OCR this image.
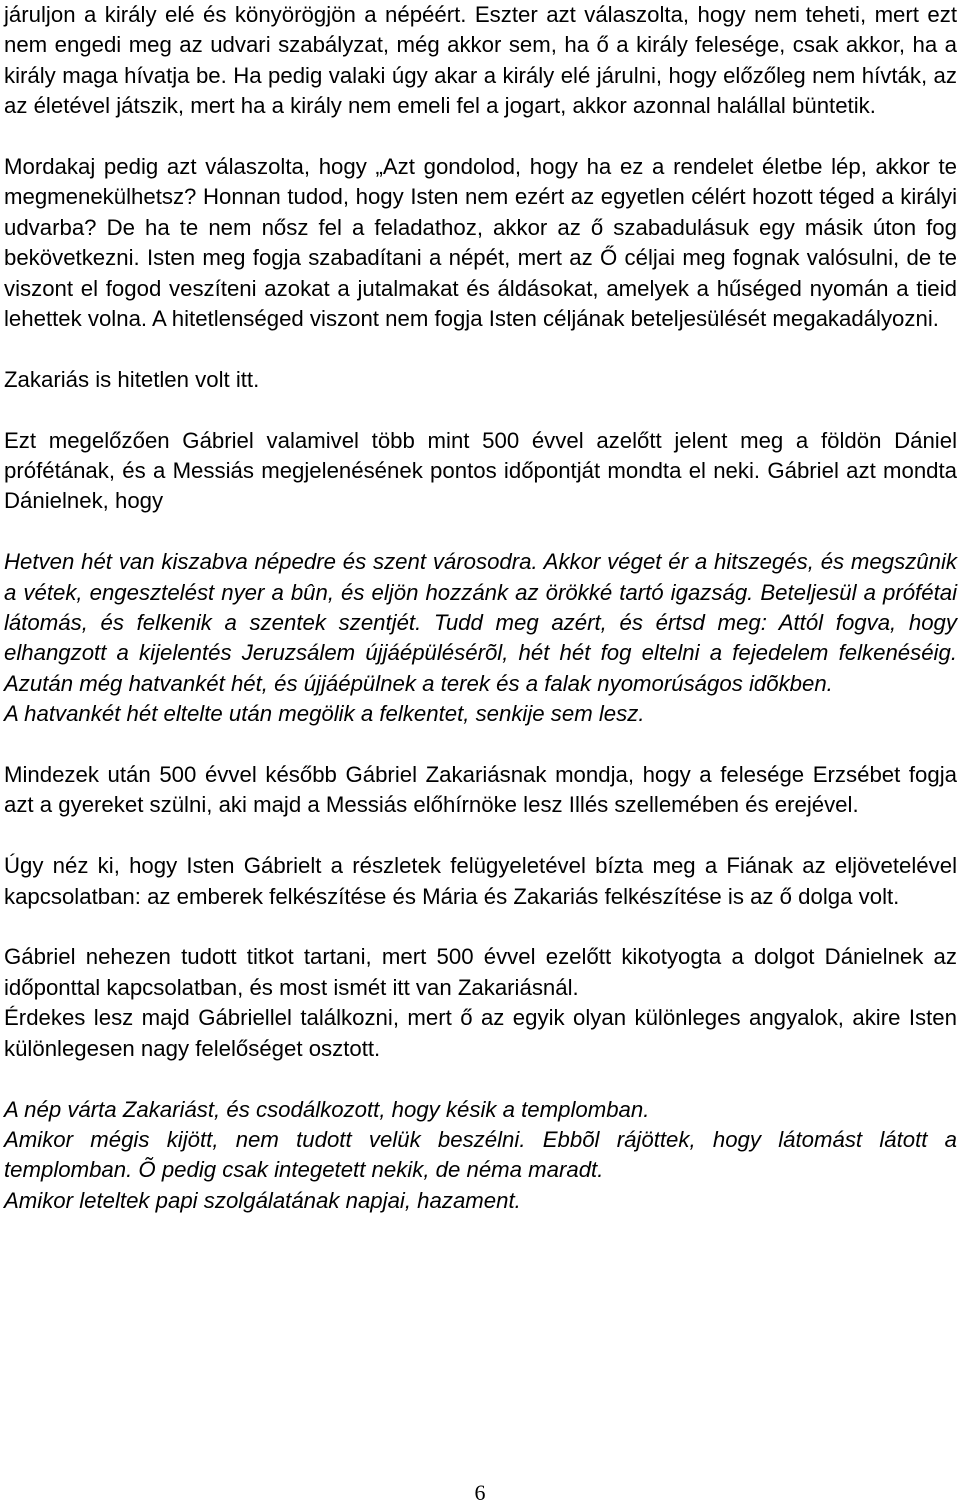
járuljon a király elé és könyörögjön a népéért. Eszter azt válaszolta, hogy nem teheti, mert ezt nem engedi meg az udvari szabályzat, még akkor sem, ha ő a király felesége, csak akkor, ha a király maga hívatja be. Ha pedig valaki úgy akar a király elé járulni, hogy előzőleg nem hívták, az az életével játszik, mert ha a király nem emeli fel a jogart, akkor azonnal halállal büntetik.

Mordakaj pedig azt válaszolta, hogy „Azt gondolod, hogy ha ez a rendelet életbe lép, akkor te megmenekülhetsz? Honnan tudod, hogy Isten nem ezért az egyetlen célért hozott téged a királyi udvarba? De ha te nem nősz fel a feladathoz, akkor az ő szabadulásuk egy másik úton fog bekövetkezni. Isten meg fogja szabadítani a népét, mert az Ő céljai meg fognak valósulni, de te viszont el fogod veszíteni azokat a jutalmakat és áldásokat, amelyek a hűséged nyomán a tieid lehettek volna. A hitetlenséged viszont nem fogja Isten céljának beteljesülését megakadályozni.

Zakariás is hitetlen volt itt.

Ezt megelőzően Gábriel valamivel több mint 500 évvel azelőtt jelent meg a földön Dániel prófétának, és a Messiás megjelenésének pontos időpontját mondta el neki. Gábriel azt mondta Dánielnek, hogy

Hetven hét van kiszabva népedre és szent városodra. Akkor véget ér a hitszegés, és megszûnik a vétek, engesztelést nyer a bûn, és eljön hozzánk az örökké tartó igazság. Beteljesül a prófétai látomás, és felkenik a szentek szentjét. Tudd meg azért, és értsd meg: Attól fogva, hogy elhangzott a kijelentés Jeruzsálem újjáépülésérõl, hét hét fog eltelni a fejedelem felkenéséig. Azután még hatvankét hét, és újjáépülnek a terek és a falak nyomorúságos idõkben.
A hatvankét hét eltelte után megölik a felkentet, senkije sem lesz.

Mindezek után 500 évvel később Gábriel Zakariásnak mondja, hogy a felesége Erzsébet fogja azt a gyereket szülni, aki majd a Messiás előhírnöke lesz Illés szellemében és erejével.

Úgy néz ki, hogy Isten Gábrielt a részletek felügyeletével bízta meg a Fiának az eljövetelével kapcsolatban: az emberek felkészítése és Mária és Zakariás felkészítése is az ő dolga volt.

Gábriel nehezen tudott titkot tartani, mert 500 évvel ezelőtt kikotyogta a dolgot Dánielnek az időponttal kapcsolatban, és most ismét itt van Zakariásnál.
Érdekes lesz majd Gábriellel találkozni, mert ő az egyik olyan különleges angyalok, akire Isten különlegesen nagy felelőséget osztott.
A nép várta Zakariást, és csodálkozott, hogy késik a templomban.
Amikor mégis kijött, nem tudott velük beszélni. Ebbõl rájöttek, hogy látomást látott a templomban. Õ pedig csak integetett nekik, de néma maradt.
Amikor leteltek papi szolgálatának napjai, hazament.
6
